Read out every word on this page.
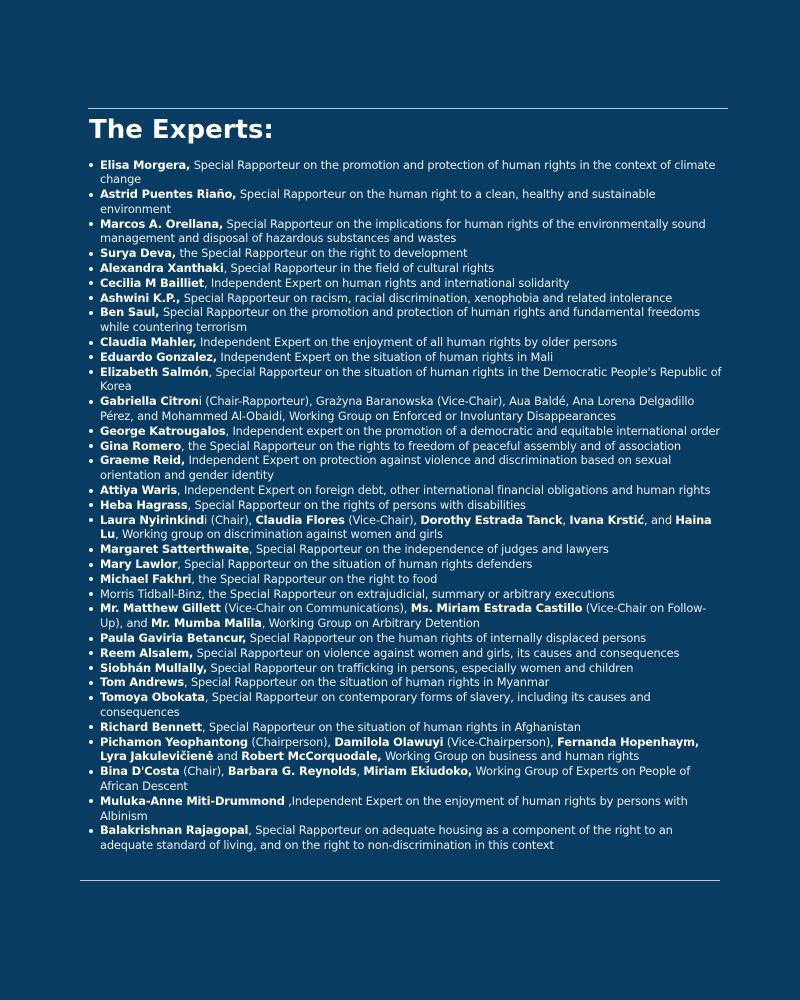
The Experts:
Elisa Morgera, Special Rapporteur on the promotion and protection of human rights in the context of climate change
Astrid Puentes Riaño, Special Rapporteur on the human right to a clean, healthy and sustainable environment
Marcos A. Orellana, Special Rapporteur on the implications for human rights of the environmentally sound management and disposal of hazardous substances and wastes
Surya Deva, the Special Rapporteur on the right to development
Alexandra Xanthaki, Special Rapporteur in the field of cultural rights
Cecilia M Bailliet, Independent Expert on human rights and international solidarity
Ashwini K.P., Special Rapporteur on racism, racial discrimination, xenophobia and related intolerance
Ben Saul, Special Rapporteur on the promotion and protection of human rights and fundamental freedoms while countering terrorism
Claudia Mahler, Independent Expert on the enjoyment of all human rights by older persons
Eduardo Gonzalez, Independent Expert on the situation of human rights in Mali
Elizabeth Salmón, Special Rapporteur on the situation of human rights in the Democratic People's Republic of Korea
Gabriella Citroni (Chair-Rapporteur), Grażyna Baranowska (Vice-Chair), Aua Baldé, Ana Lorena Delgadillo Pérez, and Mohammed Al-Obaidi, Working Group on Enforced or Involuntary Disappearances
George Katrougalos, Independent expert on the promotion of a democratic and equitable international order
Gina Romero, the Special Rapporteur on the rights to freedom of peaceful assembly and of association
Graeme Reid, Independent Expert on protection against violence and discrimination based on sexual orientation and gender identity
Attiya Waris, Independent Expert on foreign debt, other international financial obligations and human rights
Heba Hagrass, Special Rapporteur on the rights of persons with disabilities
Laura Nyirinkindi (Chair), Claudia Flores (Vice-Chair), Dorothy Estrada Tanck, Ivana Krstić, and Haina Lu, Working group on discrimination against women and girls
Margaret Satterthwaite, Special Rapporteur on the independence of judges and lawyers
Mary Lawlor, Special Rapporteur on the situation of human rights defenders
Michael Fakhri, the Special Rapporteur on the right to food
Morris Tidball-Binz, the Special Rapporteur on extrajudicial, summary or arbitrary executions
Mr. Matthew Gillett (Vice-Chair on Communications), Ms. Miriam Estrada Castillo (Vice-Chair on Follow-Up), and Mr. Mumba Malila, Working Group on Arbitrary Detention
Paula Gaviria Betancur, Special Rapporteur on the human rights of internally displaced persons
Reem Alsalem, Special Rapporteur on violence against women and girls, its causes and consequences
Siobhán Mullally, Special Rapporteur on trafficking in persons, especially women and children
Tom Andrews, Special Rapporteur on the situation of human rights in Myanmar
Tomoya Obokata, Special Rapporteur on contemporary forms of slavery, including its causes and consequences
Richard Bennett, Special Rapporteur on the situation of human rights in Afghanistan
Pichamon Yeophantong (Chairperson), Damilola Olawuyi (Vice-Chairperson), Fernanda Hopenhaym, Lyra Jakulevičienė and Robert McCorquodale, Working Group on business and human rights
Bina D'Costa (Chair), Barbara G. Reynolds, Miriam Ekiudoko, Working Group of Experts on People of African Descent
Muluka-Anne Miti-Drummond ,Independent Expert on the enjoyment of human rights by persons with Albinism
Balakrishnan Rajagopal, Special Rapporteur on adequate housing as a component of the right to an adequate standard of living, and on the right to non-discrimination in this context
